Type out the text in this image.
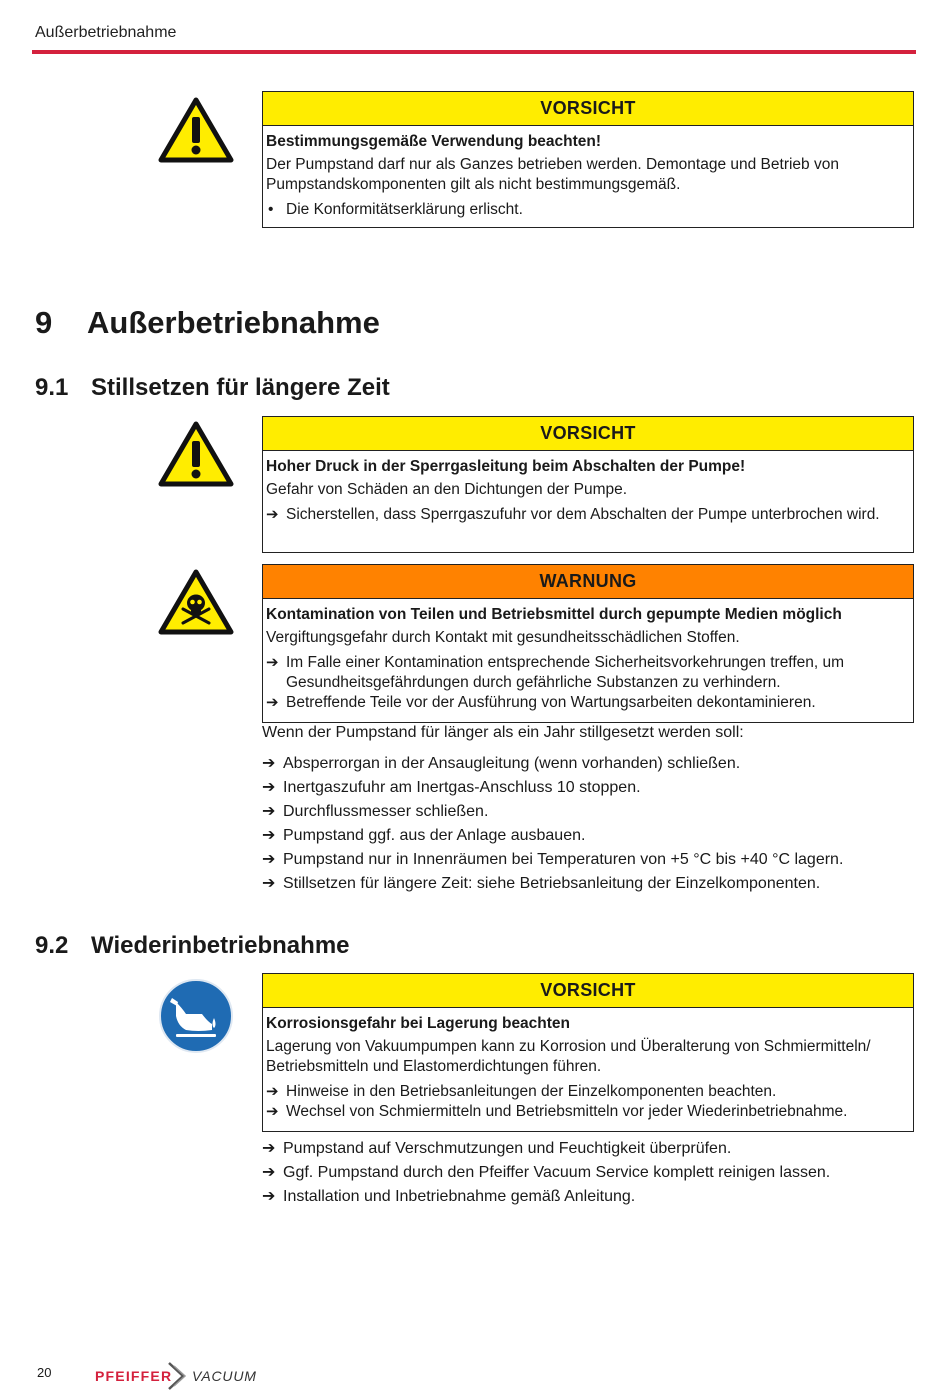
Außerbetriebnahme
VORSICHT
Bestimmungsgemäße Verwendung beachten!
Der Pumpstand darf nur als Ganzes betrieben werden. Demontage und Betrieb von Pumpstandskomponenten gilt als nicht bestimmungsgemäß.
• Die Konformitätserklärung erlischt.
9 Außerbetriebnahme
9.1 Stillsetzen für längere Zeit
VORSICHT
Hoher Druck in der Sperrgasleitung beim Abschalten der Pumpe!
Gefahr von Schäden an den Dichtungen der Pumpe.
➔ Sicherstellen, dass Sperrgaszufuhr vor dem Abschalten der Pumpe unterbrochen wird.
WARNUNG
Kontamination von Teilen und Betriebsmittel durch gepumpte Medien möglich
Vergiftungsgefahr durch Kontakt mit gesundheitsschädlichen Stoffen.
➔ Im Falle einer Kontamination entsprechende Sicherheitsvorkehrungen treffen, um Gesundheitsgefährdungen durch gefährliche Substanzen zu verhindern.
➔ Betreffende Teile vor der Ausführung von Wartungsarbeiten dekontaminieren.
Wenn der Pumpstand für länger als ein Jahr stillgesetzt werden soll:
➔ Absperrorgan in der Ansaugleitung (wenn vorhanden) schließen.
➔ Inertgaszufuhr am Inertgas-Anschluss 10 stoppen.
➔ Durchflussmesser schließen.
➔ Pumpstand ggf. aus der Anlage ausbauen.
➔ Pumpstand nur in Innenräumen bei Temperaturen von +5 °C bis +40 °C lagern.
➔ Stillsetzen für längere Zeit: siehe Betriebsanleitung der Einzelkomponenten.
9.2 Wiederinbetriebnahme
VORSICHT
Korrosionsgefahr bei Lagerung beachten
Lagerung von Vakuumpumpen kann zu Korrosion und Überalterung von Schmiermitteln/ Betriebsmitteln und Elastomerdichtungen führen.
➔ Hinweise in den Betriebsanleitungen der Einzelkomponenten beachten.
➔ Wechsel von Schmiermitteln und Betriebsmitteln vor jeder Wiederinbetriebnahme.
➔ Pumpstand auf Verschmutzungen und Feuchtigkeit überprüfen.
➔ Ggf. Pumpstand durch den Pfeiffer Vacuum Service komplett reinigen lassen.
➔ Installation und Inbetriebnahme gemäß Anleitung.
20	PFEIFFER VACUUM
